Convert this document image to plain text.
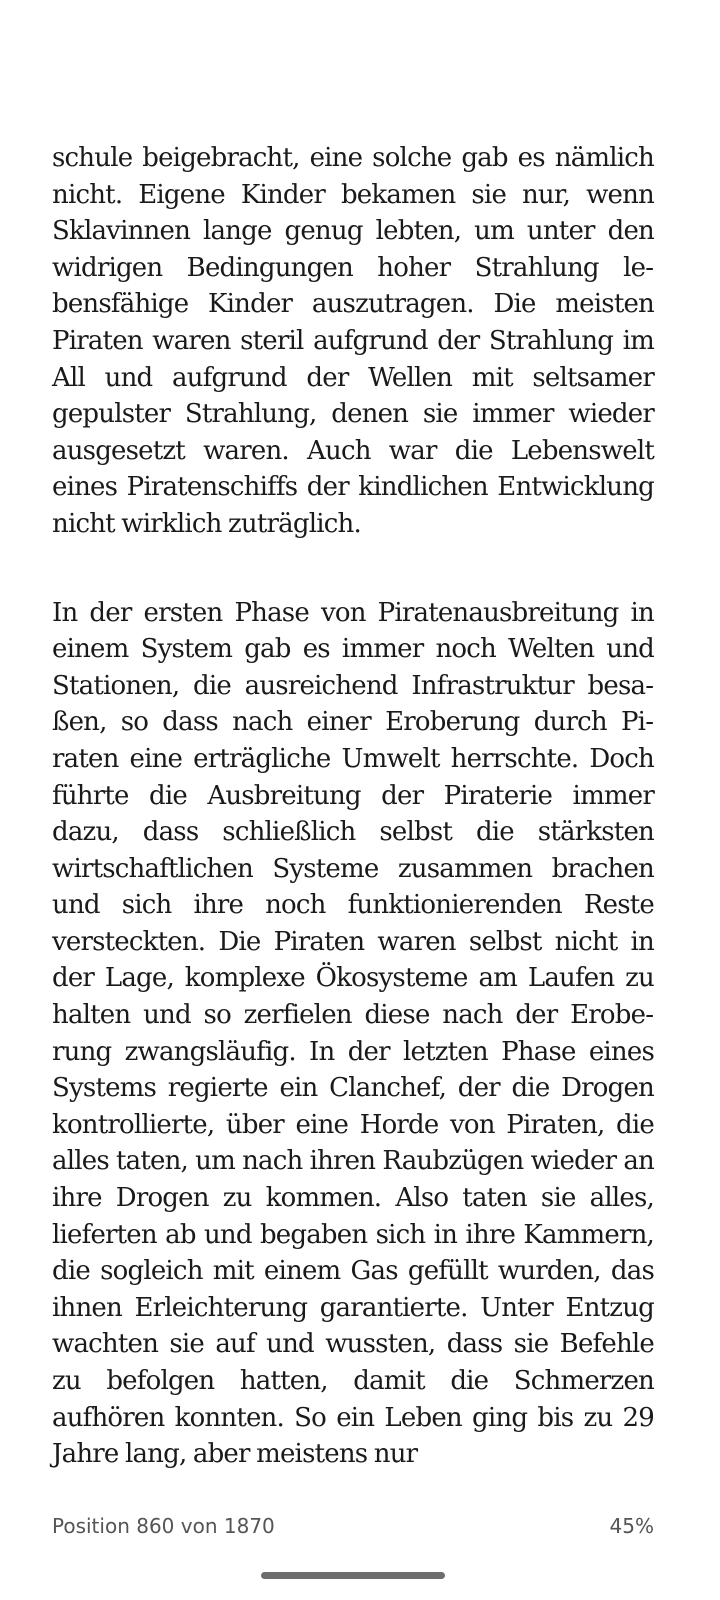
schule beigebracht, eine solche gab es nämlich nicht. Eigene Kinder bekamen sie nur, wenn Sklavinnen lange genug lebten, um unter den widrigen Bedingungen hoher Strahlung lebensfähige Kinder auszutragen. Die meisten Piraten waren steril aufgrund der Strahlung im All und aufgrund der Wellen mit seltsamer gepulster Strahlung, denen sie immer wieder ausgesetzt waren. Auch war die Lebenswelt eines Piratenschiffs der kindlichen Entwicklung nicht wirklich zuträglich.

In der ersten Phase von Piratenausbreitung in einem System gab es immer noch Welten und Stationen, die ausreichend Infrastruktur besaßen, so dass nach einer Eroberung durch Piraten eine erträgliche Umwelt herrschte. Doch führte die Ausbreitung der Piraterie immer dazu, dass schließlich selbst die stärksten wirtschaftlichen Systeme zusammen brachen und sich ihre noch funktionierenden Reste versteckten. Die Piraten waren selbst nicht in der Lage, komplexe Ökosysteme am Laufen zu halten und so zerfielen diese nach der Eroberung zwangsläufig. In der letzten Phase eines Systems regierte ein Clanchef, der die Drogen kontrollierte, über eine Horde von Piraten, die alles taten, um nach ihren Raubzügen wieder an ihre Drogen zu kommen. Also taten sie alles, lieferten ab und begaben sich in ihre Kammern, die sogleich mit einem Gas gefüllt wurden, das ihnen Erleichterung garantierte. Unter Entzug wachten sie auf und wussten, dass sie Befehle zu befolgen hatten, damit die Schmerzen aufhören konnten. So ein Leben ging bis zu 29 Jahre lang, aber meistens nur

Position 860 von 1870	45%
